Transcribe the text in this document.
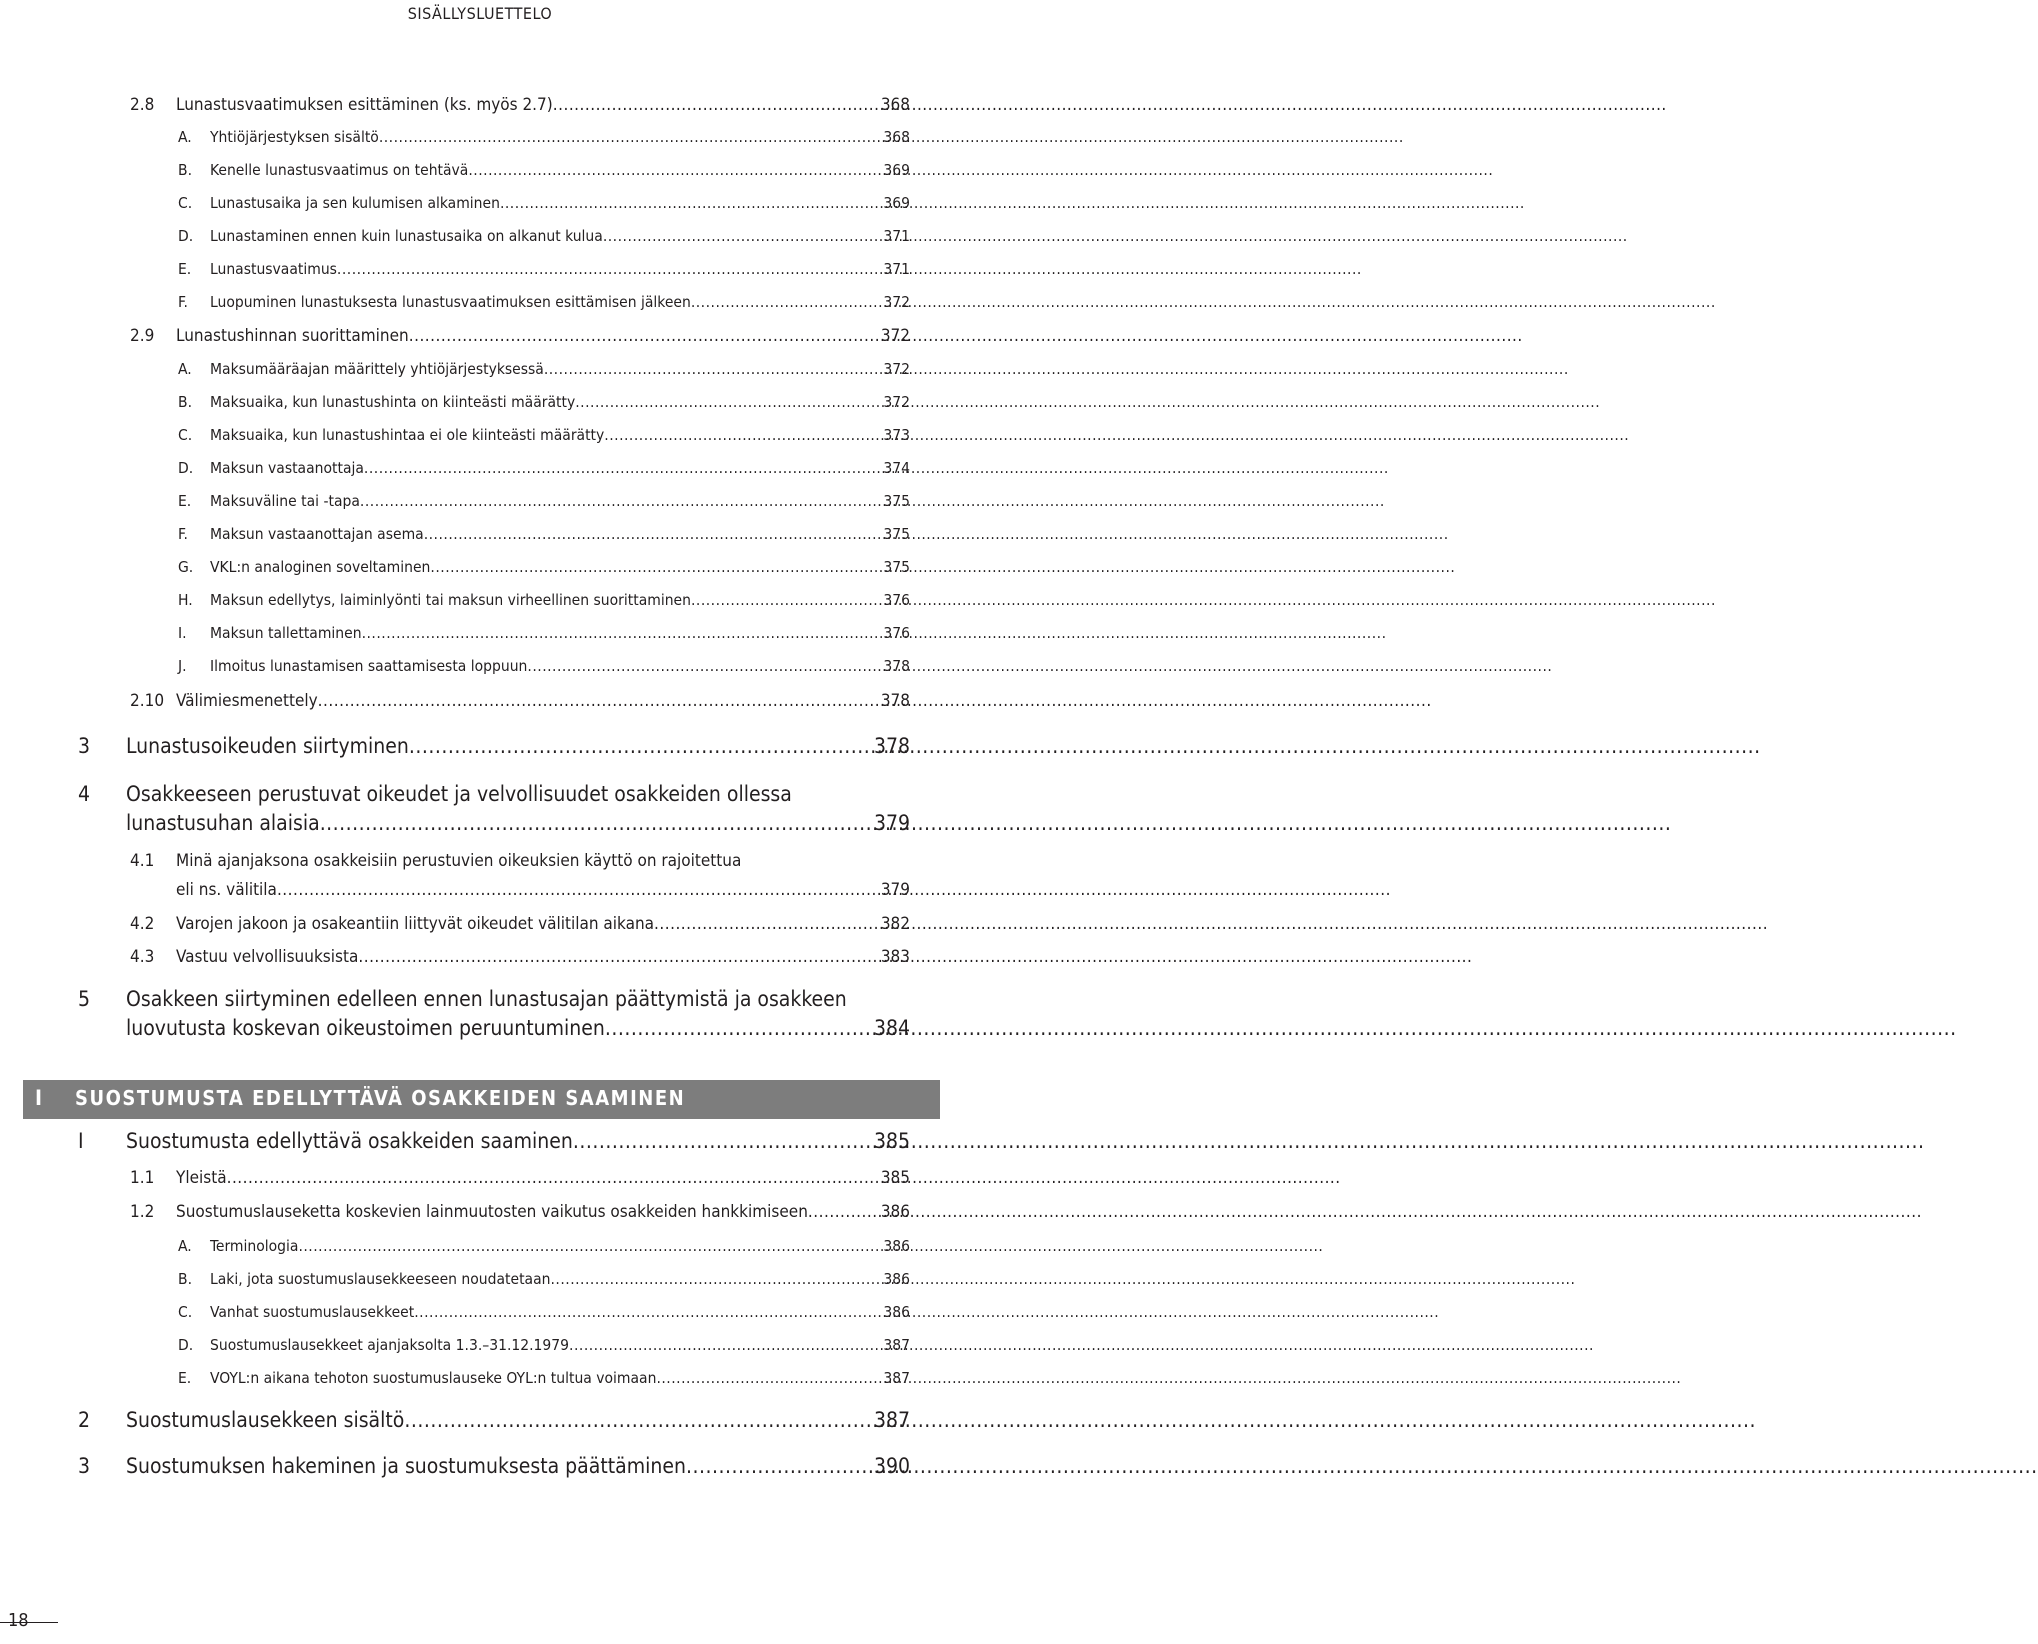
SISÄLLYSLUETTELO
2.8	Lunastusvaatimuksen esittäminen (ks. myös 2.7) .....	368
A.	Yhtiöjärjestyksen sisältö .....	368
B.	Kenelle lunastusvaatimus on tehtävä .....	369
C.	Lunastusaika ja sen kulumisen alkaminen .....	369
D.	Lunastaminen ennen kuin lunastusaika on alkanut kulua .....	371
E.	Lunastusvaatimus .....	371
F.	Luopuminen lunastuksesta lunastusvaatimuksen esittämisen jälkeen .....	372
2.9	Lunastushinnan suorittaminen .....	372
A.	Maksumääräajan määrittely yhtiöjärjestyksessä .....	372
B.	Maksuaika, kun lunastushinta on kiinteästi määrätty .....	372
C.	Maksuaika, kun lunastushintaa ei ole kiinteästi määrätty .....	373
D.	Maksun vastaanottaja .....	374
E.	Maksuväline tai -tapa .....	375
F.	Maksun vastaanottajan asema .....	375
G.	VKL:n analoginen soveltaminen .....	375
H.	Maksun edellytys, laiminlyönti tai maksun virheellinen suorittaminen .....	376
I.	Maksun tallettaminen .....	376
J.	Ilmoitus lunastamisen saattamisesta loppuun .....	378
2.10 Välimiesmenettely .....	378
3	Lunastusoikeuden siirtyminen .....	378
4	Osakkeeseen perustuvat oikeudet ja velvollisuudet osakkeiden ollessa
lunastusuhan alaisia .....	379
4.1	Minä ajanjaksona osakkeisiin perustuvien oikeuksien käyttö on rajoitettua
eli ns. välitila .....	379
4.2	Varojen jakoon ja osakeantiin liittyvät oikeudet välitilan aikana .....	382
4.3	Vastuu velvollisuuksista .....	383
5	Osakkeen siirtyminen edelleen ennen lunastusajan päättymistä ja osakkeen
luovutusta koskevan oikeustoimen peruuntuminen .....	384
I SUOSTUMUSTA EDELLYTTÄVÄ OSAKKEIDEN SAAMINEN
I	Suostumusta edellyttävä osakkeiden saaminen .....	385
1.1	Yleistä .....	385
1.2	Suostumuslauseketta koskevien lainmuutosten vaikutus osakkeiden hankkimiseen .....	386
A.	Terminologia .....	386
B.	Laki, jota suostumuslausekkeeseen noudatetaan .....	386
C.	Vanhat suostumuslausekkeet .....	386
D.	Suostumuslausekkeet ajanjaksolta 1.3.–31.12.1979 .....	387
E.	VOYL:n aikana tehoton suostumuslauseke OYL:n tultua voimaan .....	387
2	Suostumuslausekkeen sisältö .....	387
3	Suostumuksen hakeminen ja suostumuksesta päättäminen .....	390
18
